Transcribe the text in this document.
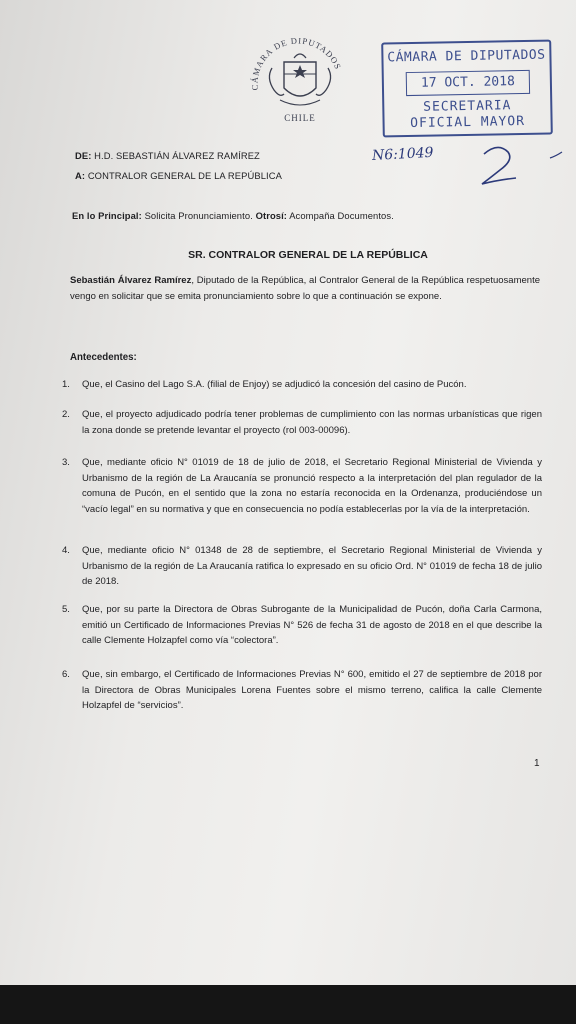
CÁMARA DE DIPUTADOS
CHILE
CÁMARA DE DIPUTADOS
17 OCT. 2018
SECRETARIA
OFICIAL MAYOR
N6:1049
DE: H.D. SEBASTIÁN ÁLVAREZ RAMÍREZ
A: CONTRALOR GENERAL DE LA REPÚBLICA
En lo Principal: Solicita Pronunciamiento. Otrosí: Acompaña Documentos.
SR. CONTRALOR GENERAL DE LA REPÚBLICA
Sebastián Álvarez Ramírez, Diputado de la República, al Contralor General de la República respetuosamente vengo en solicitar que se emita pronunciamiento sobre lo que a continuación se expone.
Antecedentes:
1.	Que, el Casino del Lago S.A. (filial de Enjoy) se adjudicó la concesión del casino de Pucón.
2.	Que, el proyecto adjudicado podría tener problemas de cumplimiento con las normas urbanísticas que rigen la zona donde se pretende levantar el proyecto (rol 003-00096).
3.	Que, mediante oficio N° 01019 de 18 de julio de 2018, el Secretario Regional Ministerial de Vivienda y Urbanismo de la región de La Araucanía se pronunció respecto a la interpretación del plan regulador de la comuna de Pucón, en el sentido que la zona no estaría reconocida en la Ordenanza, produciéndose un “vacío legal” en su normativa y que en consecuencia no podía establecerlas por la vía de la interpretación.
4.	Que, mediante oficio N° 01348 de 28 de septiembre, el Secretario Regional Ministerial de Vivienda y Urbanismo de la región de La Araucanía ratifica lo expresado en su oficio Ord. N° 01019 de fecha 18 de julio de 2018.
5.	Que, por su parte la Directora de Obras Subrogante de la Municipalidad de Pucón, doña Carla Carmona, emitió un Certificado de Informaciones Previas N° 526 de fecha 31 de agosto de 2018 en el que describe la calle Clemente Holzapfel como vía “colectora”.
6.	Que, sin embargo, el Certificado de Informaciones Previas N° 600, emitido el 27 de septiembre de 2018 por la Directora de Obras Municipales Lorena Fuentes sobre el mismo terreno, califica la calle Clemente Holzapfel de “servicios”.
1
